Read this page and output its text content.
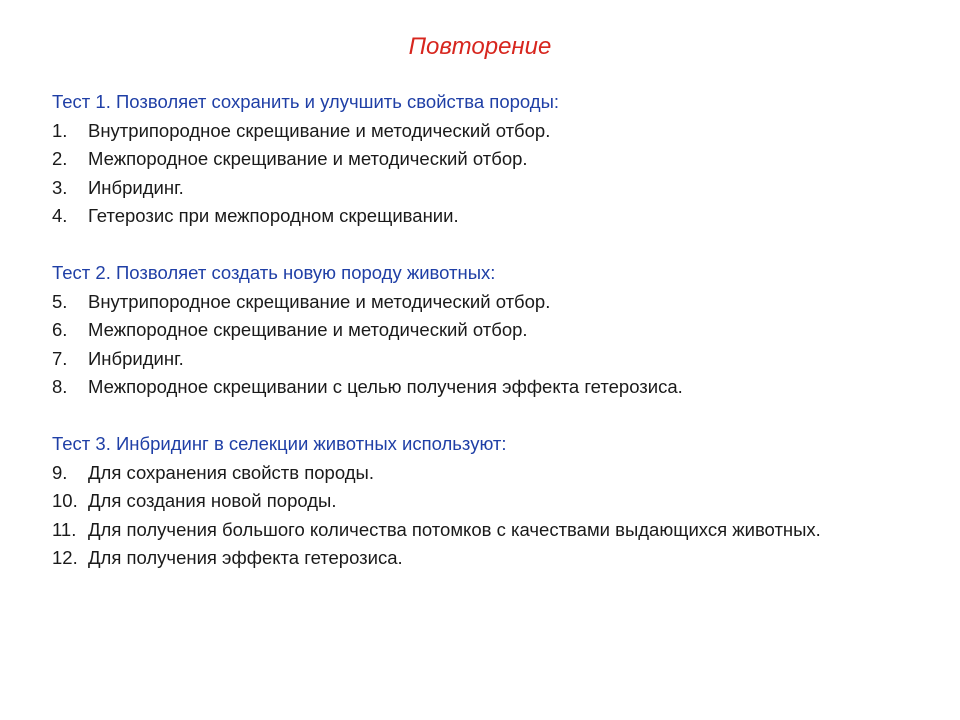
Повторение
Тест 1. Позволяет сохранить и улучшить свойства породы:
1.	Внутрипородное скрещивание и методический отбор.
2.	Межпородное скрещивание и методический отбор.
3.	Инбридинг.
4.	Гетерозис при межпородном скрещивании.
Тест 2. Позволяет создать новую породу животных:
5.	Внутрипородное скрещивание и методический отбор.
6.	Межпородное скрещивание и методический отбор.
7.	Инбридинг.
8.	Межпородное скрещивании с целью получения эффекта гетерозиса.
Тест 3. Инбридинг в селекции животных используют:
9.	Для сохранения свойств породы.
10. Для создания новой породы.
11. Для получения большого количества потомков с качествами выдающихся животных.
12. Для получения эффекта гетерозиса.
